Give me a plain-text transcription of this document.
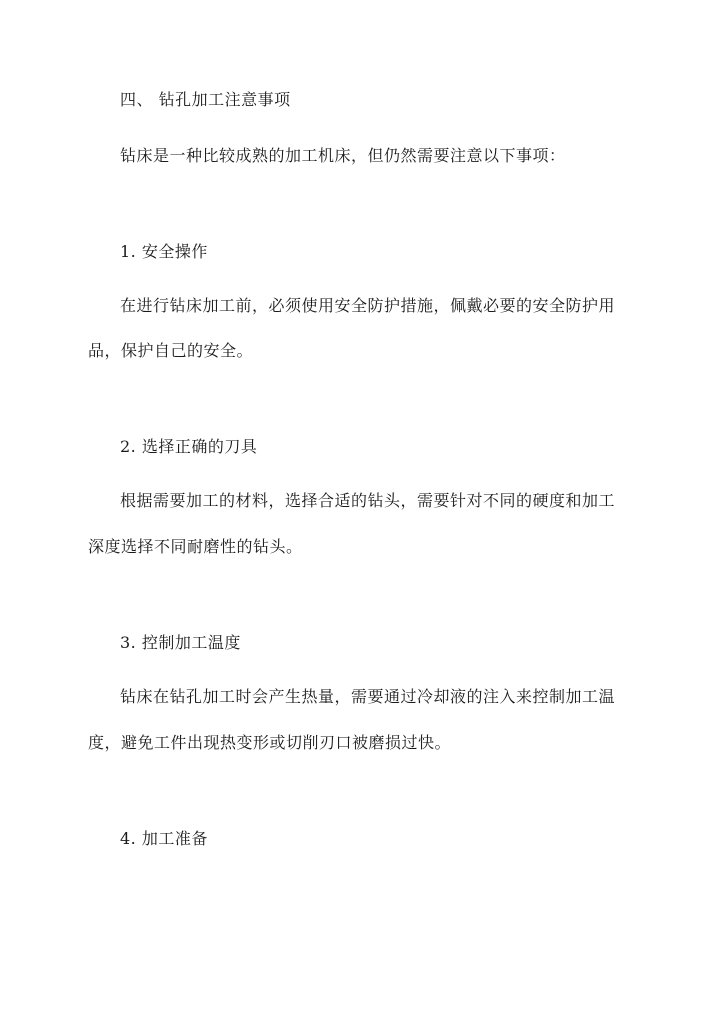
四、 钻孔加工注意事项
钻床是一种比较成熟的加工机床，但仍然需要注意以下事项：
1. 安全操作
在进行钻床加工前，必须使用安全防护措施，佩戴必要的安全防护用
品，保护自己的安全。
2. 选择正确的刀具
根据需要加工的材料，选择合适的钻头，需要针对不同的硬度和加工
深度选择不同耐磨性的钻头。
3. 控制加工温度
钻床在钻孔加工时会产生热量，需要通过冷却液的注入来控制加工温
度，避免工件出现热变形或切削刃口被磨损过快。
4. 加工准备
